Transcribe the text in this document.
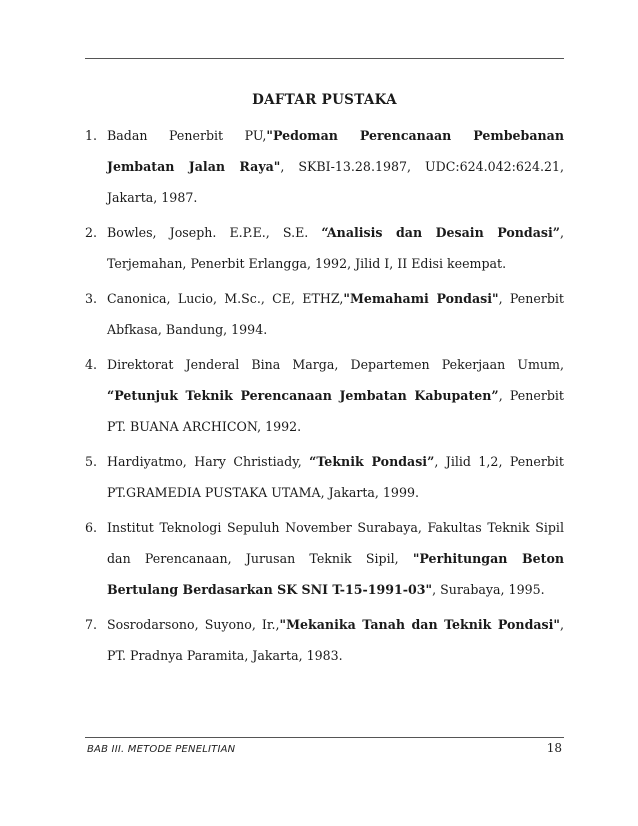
DAFTAR PUSTAKA
1. Badan Penerbit PU,"Pedoman Perencanaan Pembebanan Jembatan Jalan Raya", SKBI-13.28.1987, UDC:624.042:624.21, Jakarta, 1987.
2. Bowles, Joseph. E.P.E., S.E. “Analisis dan Desain Pondasi”, Terjemahan, Penerbit Erlangga, 1992, Jilid I, II Edisi keempat.
3. Canonica, Lucio, M.Sc., CE, ETHZ,"Memahami Pondasi", Penerbit Abfkasa, Bandung, 1994.
4. Direktorat Jenderal Bina Marga, Departemen Pekerjaan Umum, “Petunjuk Teknik Perencanaan Jembatan Kabupaten”, Penerbit PT. BUANA ARCHICON, 1992.
5. Hardiyatmo, Hary Christiady, “Teknik Pondasi”, Jilid 1,2, Penerbit PT.GRAMEDIA PUSTAKA UTAMA, Jakarta, 1999.
6. Institut Teknologi Sepuluh November Surabaya, Fakultas Teknik Sipil dan Perencanaan, Jurusan Teknik Sipil, "Perhitungan Beton Bertulang Berdasarkan SK SNI T-15-1991-03", Surabaya, 1995.
7. Sosrodarsono, Suyono, Ir.,"Mekanika Tanah dan Teknik Pondasi", PT. Pradnya Paramita, Jakarta, 1983.
BAB III. METODE PENELITIAN	18
